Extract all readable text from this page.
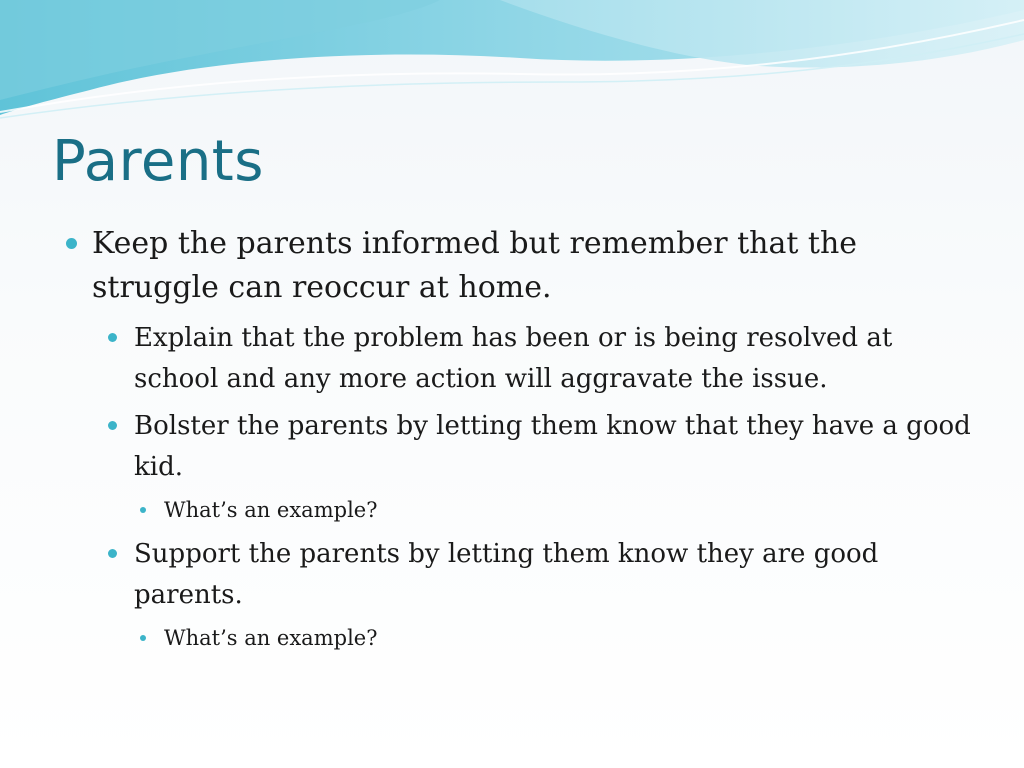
Parents
Keep the parents informed but remember that the struggle can reoccur at home.
Explain that the problem has been or is being resolved at school and any more action will aggravate the issue.
Bolster the parents by letting them know that they have a good kid.
What’s an example?
Support the parents by letting them know they are good parents.
What’s an example?
